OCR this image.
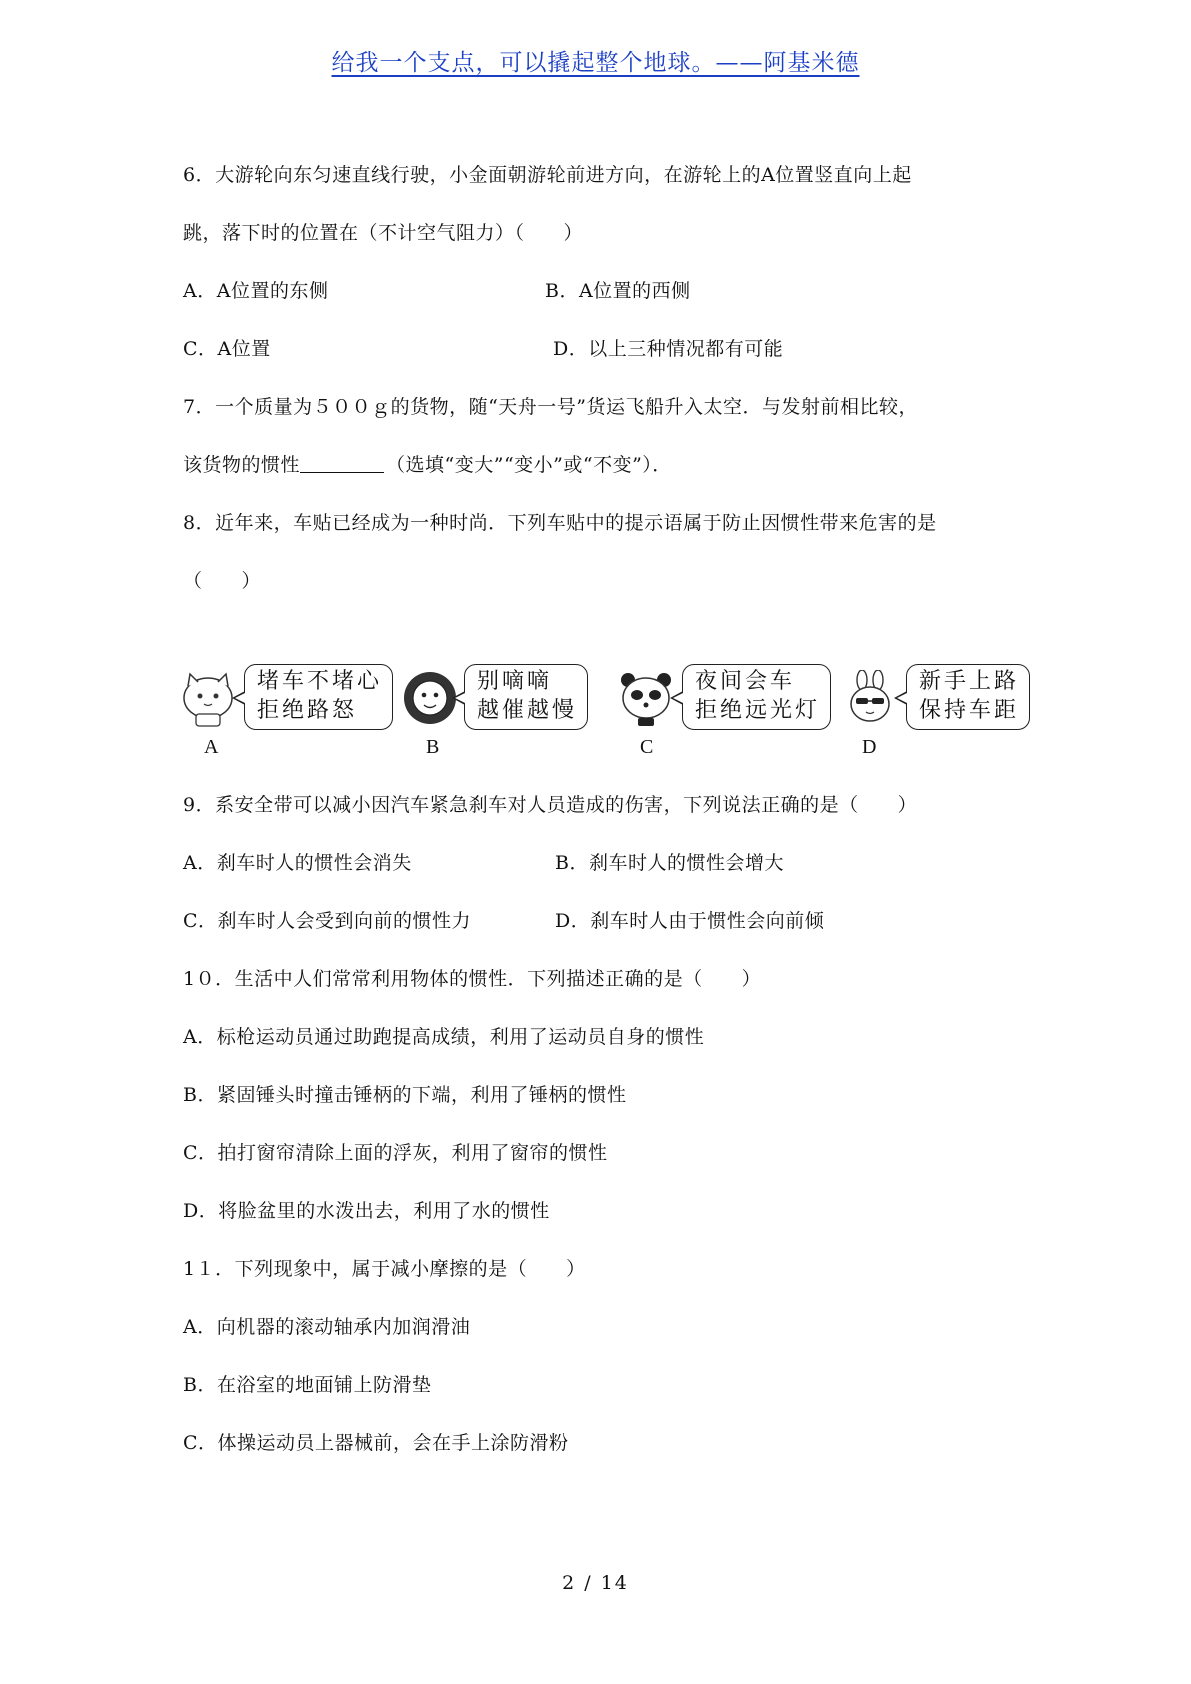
给我一个支点，可以撬起整个地球。——阿基米德
6．大游轮向东匀速直线行驶，小金面朝游轮前进方向，在游轮上的A位置竖直向上起
跳，落下时的位置在（不计空气阻力）（　　）
A．A位置的东侧	B．A位置的西侧
C．A位置	D．以上三种情况都有可能
7．一个质量为５００ｇ的货物，随“天舟一号”货运飞船升入太空．与发射前相比较，
该货物的惯性	（选填“变大”“变小”或“不变”）．
8．近年来，车贴已经成为一种时尚．下列车贴中的提示语属于防止因惯性带来危害的是
（　　）
堵车不堵心
拒绝路怒
A
别嘀嘀
越催越慢
B
夜间会车
拒绝远光灯
C
新手上路
保持车距
D
9．系安全带可以减小因汽车紧急刹车对人员造成的伤害，下列说法正确的是（　　）
A．刹车时人的惯性会消失	B．刹车时人的惯性会增大
C．刹车时人会受到向前的惯性力	D．刹车时人由于惯性会向前倾
1０．生活中人们常常利用物体的惯性．下列描述正确的是（　　）
A．标枪运动员通过助跑提高成绩，利用了运动员自身的惯性
B．紧固锤头时撞击锤柄的下端，利用了锤柄的惯性
C．拍打窗帘清除上面的浮灰，利用了窗帘的惯性
D．将脸盆里的水泼出去，利用了水的惯性
1１．下列现象中，属于减小摩擦的是（　　）
A．向机器的滚动轴承内加润滑油
B．在浴室的地面铺上防滑垫
C．体操运动员上器械前，会在手上涂防滑粉
2 / 14
